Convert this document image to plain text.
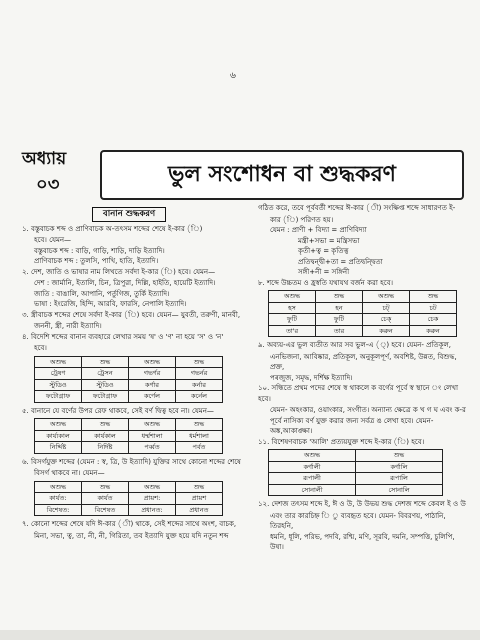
৬
অধ্যায়
০৩	ভুল সংশোধন বা শুদ্ধকরণ
বানান শুদ্ধকরণ
১. বস্তুবাচক শব্দ ও প্রাণিবাচক অ-তৎসম শব্দের শেষে ই-কার (ি)
হবে। যেমন—
বস্তুবাচক শব্দ : বাড়ি, গাড়ি, শাড়ি, দাড়ি ইত্যাদি।
প্রাণিবাচক শব্দ : তুলসি, পাখি, হাতি, ইত্যাদি।
২. দেশ, জাতি ও ভাষার নাম লিখতে সর্বদা ই-কার (ি) হবে। যেমন—
দেশ : জার্মানি, ইতালি, চিন, ত্রিপুরা, দিল্লি, হাইতি, হায়েটি ইত্যাদি।
জাতি : বাঙালি, আপানি, পর্তুগিজ, তুর্কি ইত্যাদি।
ভাষা : ইংরেজি, হিন্দি, আরবি, ফারসি, নেপালি ইত্যাদি।
৩. স্ত্রীবাচক শব্দের শেষে সর্বদা ই-কার (ি) হবে। যেমন— যুবতী, তরুণী, মানবী,
জননী, স্ত্রী, নারী ইত্যাদি।
৪. বিদেশি শব্দের বানান ব্যবহারে লেখার সময় 'ষ' ও 'ণ' না হয়ে 'স' ও 'ন'
হবে।
অশুদ্ধ	শুদ্ধ	অশুদ্ধ	শুদ্ধ
ট্রেষণ	ট্রেসন	গভর্ণর	গভর্নর
স্টুডিও	স্টুডিও	কর্ণার	কর্নার
ফটোগ্রাফ	ফটোগ্রাফ	কর্ণেল	কর্নেল
৫. বানানে যে বর্ণের উপর রেফ থাকবে, সেই বর্ণ দ্বিত্ব হবে না। যেমন—
অশুদ্ধ	শুদ্ধ	অশুদ্ধ	শুদ্ধ
কার্য্যকাল	কার্যকাল	ধর্ম্মশালা	ধর্মশালা
নির্দ্দিষ্ট	নির্দিষ্ট	পর্ব্বত	পর্বত
৬. বিসর্গযুক্ত শব্দের (যেমন : স্ব, ত্রি, উ ইত্যাদি) যুক্তির সাথে কোনো শব্দের শেষে
বিসর্গ থাকবে না। যেমন—
অশুদ্ধ	শুদ্ধ	অশুদ্ধ	শুদ্ধ
কার্যত:	কার্যত	প্রায়শ:	প্রায়শ
বিশেষত:	বিশেষত	প্রধানত:	প্রধানত
৭. কোনো শব্দের শেষে যদি ঈ-কার (ী) থাকে, সেই শব্দের সাথে অংশ, বাচক,
মিনা, সভা, ত্ব, তা, নী, নী, গিরিতা, তব ইত্যাদি যুক্ত হয়ে যদি নতুন শব্দ
গঠিত করে, তবে পূর্ববর্তী শব্দের ঈ-কার (ী) সংক্ষিপ্ত শব্দে সাধারণত ই-
কার (ি) পরিণত হয়।
যেমন : প্রাণী + বিদ্যা = প্রাণিবিদ্যা
মন্ত্রী+সভা = মন্ত্রিসভা
কৃতী+ত্ব = কৃতিত্ব
প্রতিদ্বন্দ্বী+তা = প্রতিদ্বন্দ্বিতা
সঙ্গী+নী = সঙ্গিনী
৮. শব্দে উচ্চতম ও হ্রস্বতি যথাযথ বর্জন করা হবে।
অশুদ্ধ	শুদ্ধ	অশুদ্ধ	শুদ্ধ
হস	হন	চট্	চট
ফুটি	ফুটি	চেক্	চেক
তা'র	তার	করুন	করুন
৯. অব্যয়-এর ভুল ব্যতীত আর সব ভুল-এ (্) হবে। যেমন- প্রতিকূল,
এনভিজনা, আবিষ্কার, প্রতিকূল, অনুকূলপূর্ণ, অবশিষ্ট, উন্নত, বিশুদ্ধ, প্রক্ত,
পৰজুজ, সমৃদ্ধ, দর্শিক্ষ ইত্যাদি।
১০. সন্ধিতে প্রথম পদের শেষে স্ব থাকলে ক বর্গের পূর্বে স্ব স্থানে ং লেখা হবে।
যেমন- অহংকার, ওয়াংকার, সংগীত। অন্যান্য ক্ষেত্রে ক খ গ ঘ এবং ক-র
পূর্বে নাসিক্য বর্ণ যুক্ত করার জন্য সর্বত্র ঙ লেখা হবে। যেমন-
অঙ্ক,আকাঙ্ক্ষা।
১১. বিশেষণবাচক 'আলি' প্রত্যয়যুক্ত শব্দে ই-কার (ি) হবে।
অশুদ্ধ	শুদ্ধ
কর্ণালী	কর্ণালি
রূপালী	রূপালি
সোনালী	সোনালি
১২. দেশজ তৎসম শব্দে ই, ঈ ও উ, উ উভয় শুদ্ধ দেশজ শব্দে কেবল ই ও উ
এবং তার কারচিহ্ন ি ু ব্যবহৃত হবে। যেমন- বিবরণয়, পাঠানি, তিরহনি,
ধমনি, ধূলি, পরিভ, পদবি, রশ্মি, মণি, সূরবি, দমনি, সম্পত্তি, চুলিপি, উষা।
